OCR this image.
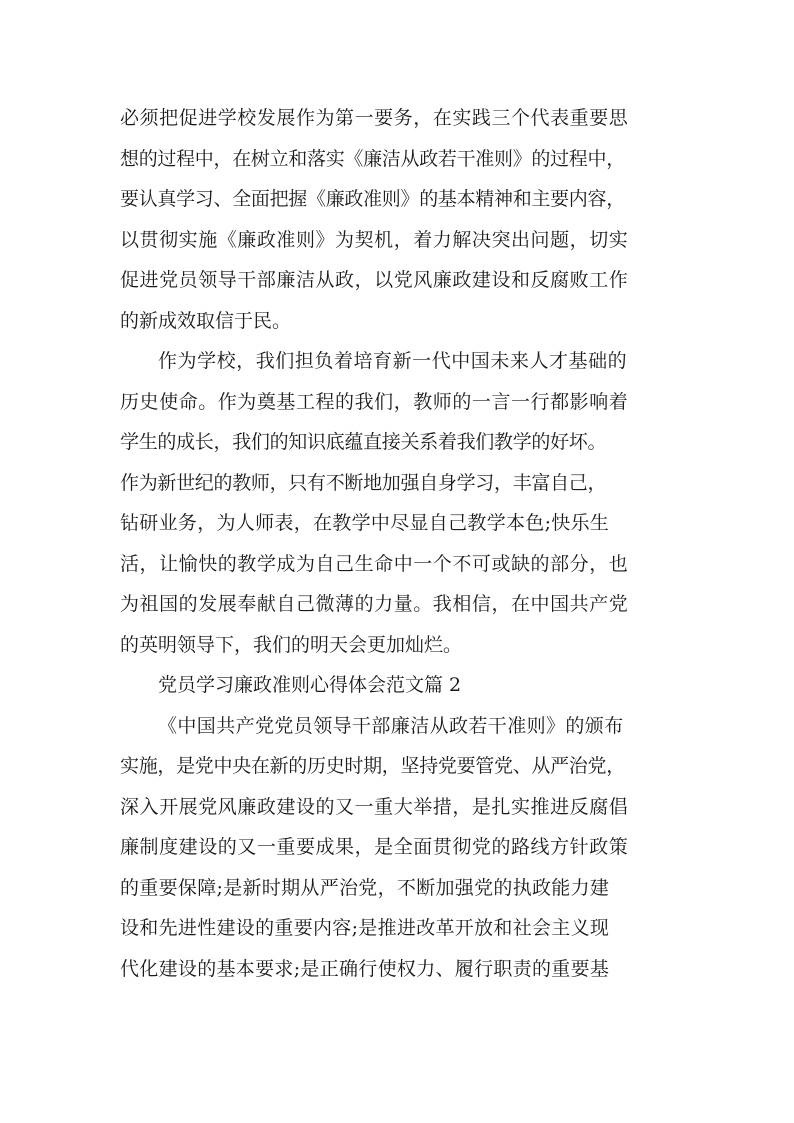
必须把促进学校发展作为第一要务，在实践三个代表重要思
想的过程中，在树立和落实《廉洁从政若干准则》的过程中，
要认真学习、全面把握《廉政准则》的基本精神和主要内容，
以贯彻实施《廉政准则》为契机，着力解决突出问题，切实
促进党员领导干部廉洁从政，以党风廉政建设和反腐败工作
的新成效取信于民。
作为学校，我们担负着培育新一代中国未来人才基础的
历史使命。作为奠基工程的我们，教师的一言一行都影响着
学生的成长，我们的知识底蕴直接关系着我们教学的好坏。
作为新世纪的教师，只有不断地加强自身学习，丰富自己，
钻研业务，为人师表，在教学中尽显自己教学本色;快乐生
活，让愉快的教学成为自己生命中一个不可或缺的部分，也
为祖国的发展奉献自己微薄的力量。我相信，在中国共产党
的英明领导下，我们的明天会更加灿烂。
党员学习廉政准则心得体会范文篇 2
《中国共产党党员领导干部廉洁从政若干准则》的颁布
实施，是党中央在新的历史时期，坚持党要管党、从严治党，
深入开展党风廉政建设的又一重大举措，是扎实推进反腐倡
廉制度建设的又一重要成果，是全面贯彻党的路线方针政策
的重要保障;是新时期从严治党，不断加强党的执政能力建
设和先进性建设的重要内容;是推进改革开放和社会主义现
代化建设的基本要求;是正确行使权力、履行职责的重要基
